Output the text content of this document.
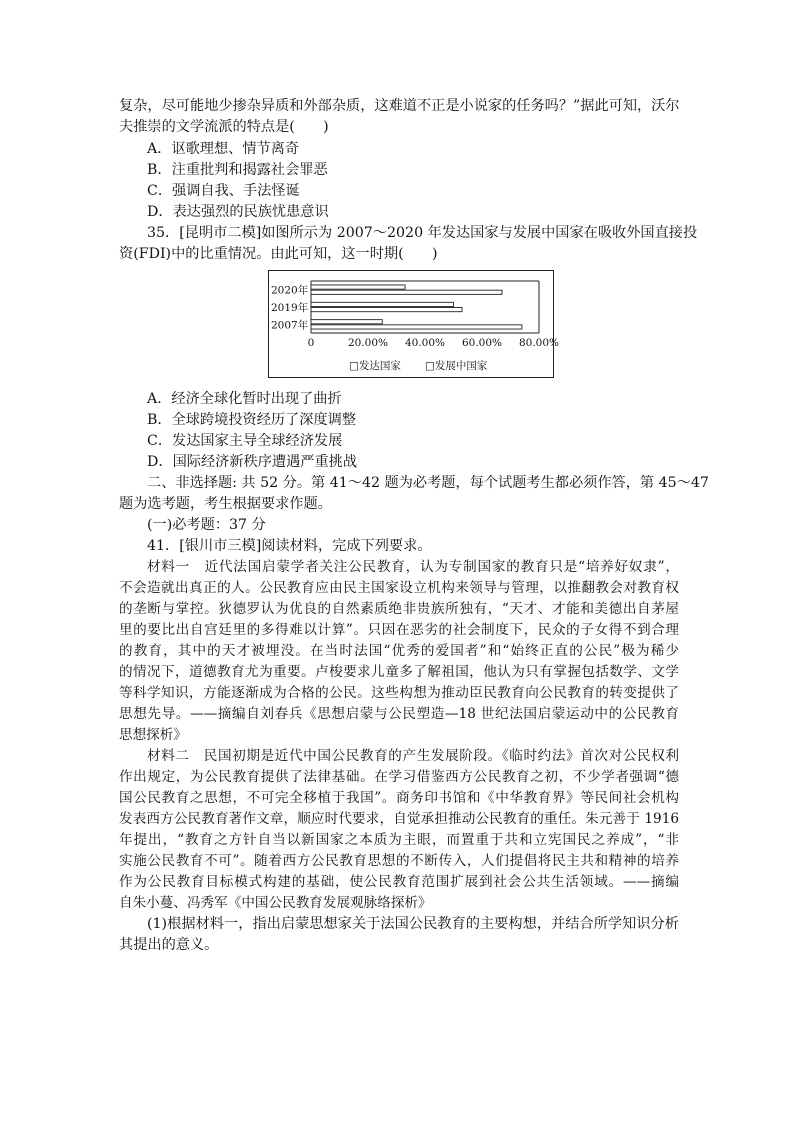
复杂，尽可能地少掺杂异质和外部杂质，这难道不正是小说家的任务吗？”据此可知，沃尔
夫推崇的文学流派的特点是(　　)
A．讴歌理想、情节离奇
B．注重批判和揭露社会罪恶
C．强调自我、手法怪诞
D．表达强烈的民族忧患意识
35．[昆明市二模]如图所示为 2007～2020 年发达国家与发展中国家在吸收外国直接投
资(FDI)中的比重情况。由此可知，这一时期(　　)
2020年
2019年
2007年
0	20.00% 40.00% 60.00% 80.00%
□发达国家 □发展中国家
A．经济全球化暂时出现了曲折
B．全球跨境投资经历了深度调整
C．发达国家主导全球经济发展
D．国际经济新秩序遭遇严重挑战
二、非选择题: 共 52 分。第 41～42 题为必考题，每个试题考生都必须作答，第 45～47
题为选考题，考生根据要求作题。
(一)必考题：37 分
41．[银川市三模]阅读材料，完成下列要求。
材料一　近代法国启蒙学者关注公民教育，认为专制国家的教育只是“培养好奴隶”，
不会造就出真正的人。公民教育应由民主国家设立机构来领导与管理，以推翻教会对教育权
的垄断与掌控。狄德罗认为优良的自然素质绝非贵族所独有，“天才、才能和美德出自茅屋
里的要比出自宫廷里的多得难以计算”。只因在恶劣的社会制度下，民众的子女得不到合理
的教育，其中的天才被埋没。在当时法国“优秀的爱国者”和“始终正直的公民”极为稀少
的情况下，道德教育尤为重要。卢梭要求儿童多了解祖国，他认为只有掌握包括数学、文学
等科学知识，方能逐渐成为合格的公民。这些构想为推动臣民教育向公民教育的转变提供了
思想先导。——摘编自刘春兵《思想启蒙与公民塑造—18 世纪法国启蒙运动中的公民教育
思想探析》
材料二　民国初期是近代中国公民教育的产生发展阶段。《临时约法》首次对公民权利
作出规定，为公民教育提供了法律基础。在学习借鉴西方公民教育之初，不少学者强调“德
国公民教育之思想，不可完全移植于我国”。商务印书馆和《中华教育界》等民间社会机构
发表西方公民教育著作文章，顺应时代要求，自觉承担推动公民教育的重任。朱元善于 1916
年提出，“教育之方针自当以新国家之本质为主眼，而置重于共和立宪国民之养成”，“非
实施公民教育不可”。随着西方公民教育思想的不断传入，人们提倡将民主共和精神的培养
作为公民教育目标模式构建的基础，使公民教育范围扩展到社会公共生活领域。——摘编
自朱小蔓、冯秀军《中国公民教育发展观脉络探析》
(1)根据材料一，指出启蒙思想家关于法国公民教育的主要构想，并结合所学知识分析
其提出的意义。
